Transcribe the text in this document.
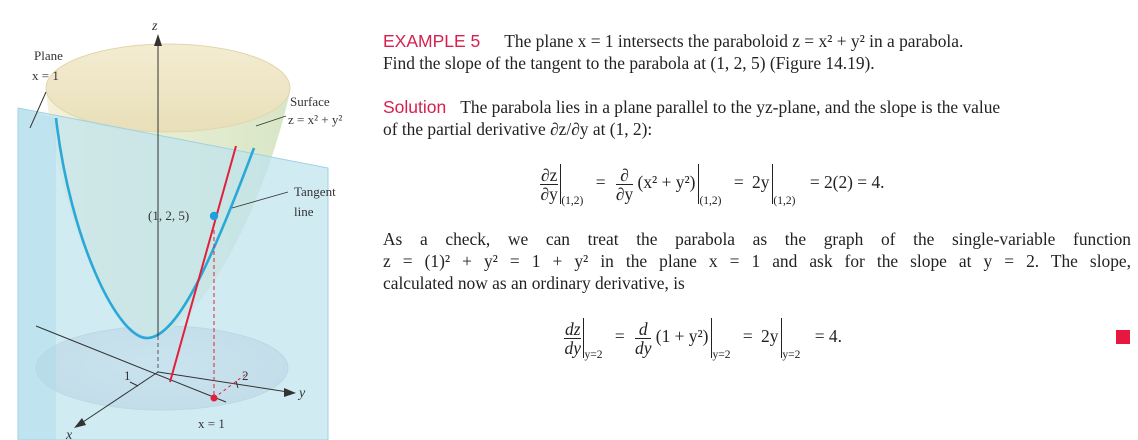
z
x
y
Plane
x = 1
Surface
z = x² + y²
Tangent
line
(1, 2, 5)
1	2
x = 1
EXAMPLE 5 The plane x = 1 intersects the paraboloid z = x² + y² in a parabola.
Find the slope of the tangent to the parabola at (1, 2, 5) (Figure 14.19).
Solution The parabola lies in a plane parallel to the yz-plane, and the slope is the value
of the partial derivative ∂z/∂y at (1, 2):
$\frac{\partial z}{\partial y} _{(1,2)} = \frac{\partial}{\partial y} (x^2 + y^2)_{(1,2)} = 2y_{(1,2)} = 2(2) = 4$.
As a check, we can treat the parabola as the graph of the single-variable function
z = (1)² + y² = 1 + y² in the plane x = 1 and ask for the slope at y = 2. The slope,
calculated now as an ordinary derivative, is
$\frac{dz}{dy} _{y=2} = \frac{d}{dy} (1 + y^2)_{y=2} = 2y_{y=2} = 4$.
